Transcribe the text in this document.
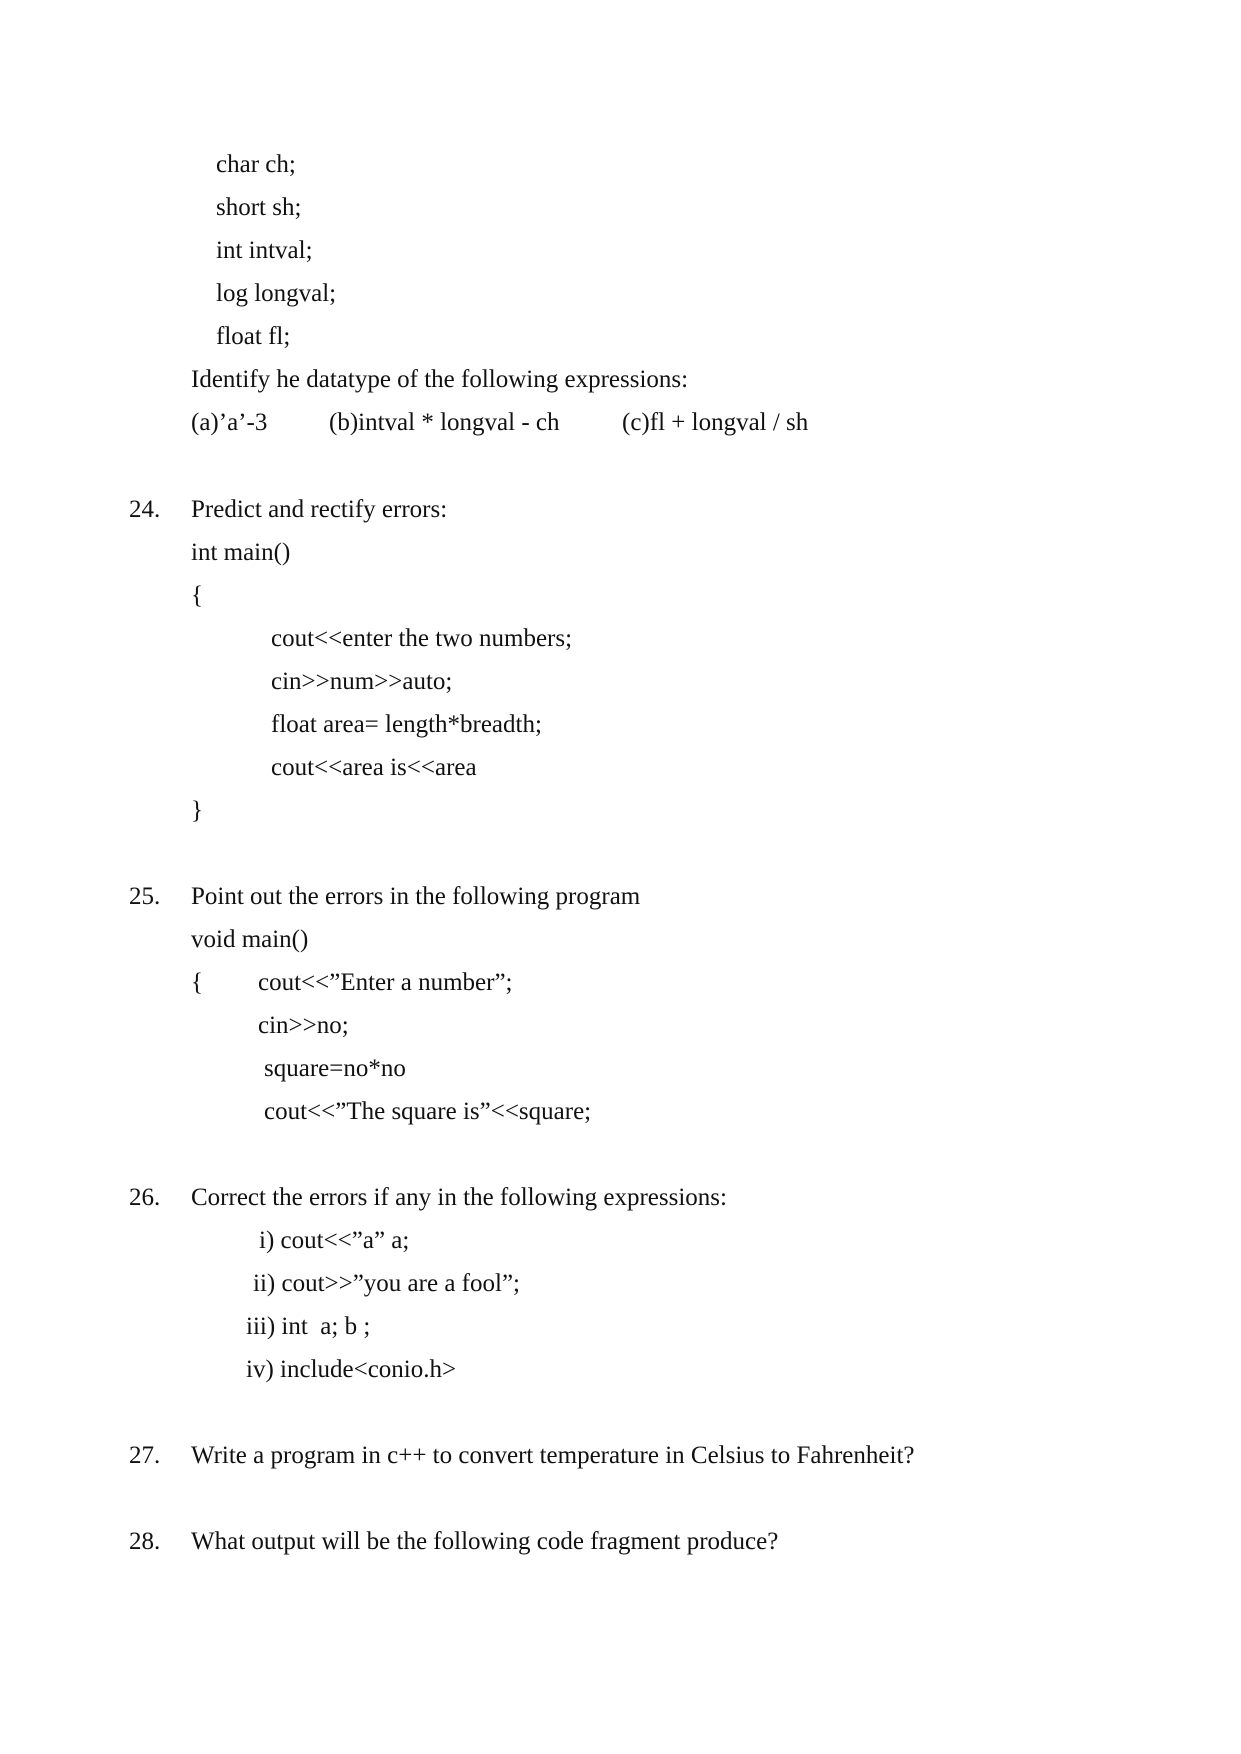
char ch;
short sh;
int intval;
log longval;
float fl;
Identify he datatype of the following expressions:
(a)’a’-3 (b)intval * longval - ch	(c)fl + longval / sh
24. Predict and rectify errors:
int main()
{
cout<<enter the two numbers;
cin>>num>>auto;
float area= length*breadth;
cout<<area is<<area
}
25. Point out the errors in the following program
void main()
{ cout<<”Enter a number”;
cin>>no;
square=no*no
cout<<”The square is”<<square;
26. Correct the errors if any in the following expressions:
i) cout<<”a” a;
ii) cout>>”you are a fool”;
iii) int  a; b ;
iv) include<conio.h>
27. Write a program in c++ to convert temperature in Celsius to Fahrenheit?
28. What output will be the following code fragment produce?
